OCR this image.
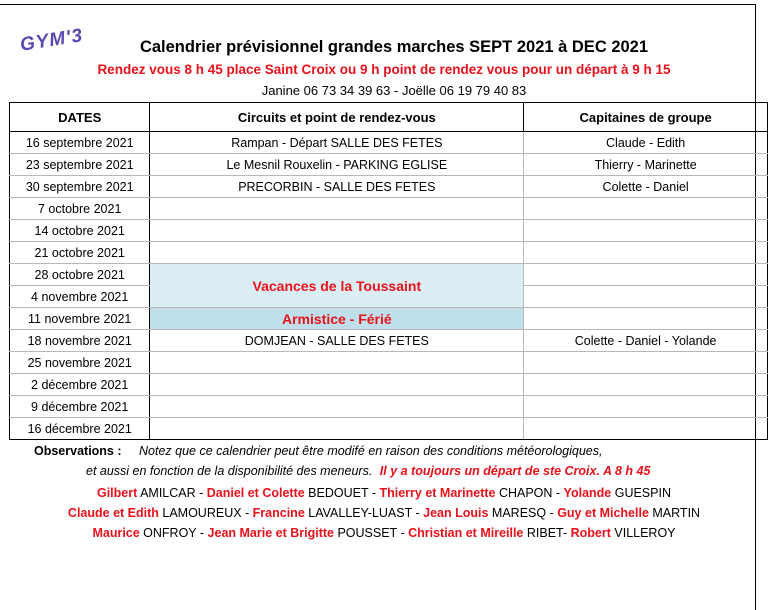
GYM'3	Calendrier prévisionnel grandes marches SEPT 2021 à DEC 2021
Rendez vous 8 h 45 place Saint Croix ou 9 h point de rendez vous pour un départ à 9 h 15
Janine 06 73 34 39 63 - Joëlle 06 19 79 40 83
DATES	Circuits et point de rendez-vous	Capitaines de groupe
16 septembre 2021	Rampan - Départ SALLE DES FETES	Claude - Edith
23 septembre 2021	Le Mesnil Rouxelin - PARKING EGLISE	Thierry - Marinette
30 septembre 2021	PRECORBIN - SALLE DES FETES	Colette - Daniel
7 octobre 2021		
14 octobre 2021		
21 octobre 2021		
28 octobre 2021	Vacances de la Toussaint	
4 novembre 2021		
11 novembre 2021	Armistice - Férié	
18 novembre 2021	DOMJEAN - SALLE DES FETES	Colette - Daniel - Yolande
25 novembre 2021		
2 décembre 2021		
9 décembre 2021		
16 décembre 2021		
Observations : Notez que ce calendrier peut être modifé en raison des conditions météorologiques,
et aussi en fonction de la disponibilité des meneurs. Il y a toujours un départ de ste Croix. A 8 h 45
Gilbert AMILCAR - Daniel et Colette BEDOUET - Thierry et Marinette CHAPON - Yolande GUESPIN
Claude et Edith LAMOUREUX - Francine LAVALLEY-LUAST - Jean Louis MARESQ - Guy et Michelle MARTIN
Maurice ONFROY - Jean Marie et Brigitte POUSSET - Christian et Mireille RIBET- Robert VILLEROY
